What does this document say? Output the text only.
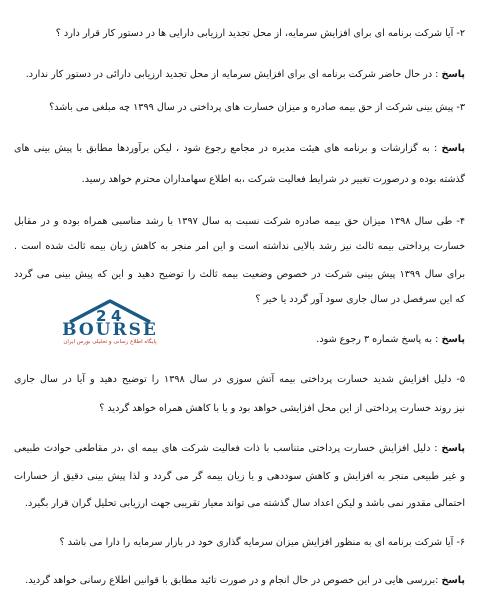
۲- آیا شرکت برنامه ای برای افزایش سرمایه، از محل تجدید ارزیابی دارایی ها در دستور کار قرار دارد ؟
پاسخ : در حال حاضر شرکت برنامه ای برای افزایش سرمایه از محل تجدید ارزیابی دارائی در دستور کار ندارد.
۳- پیش بینی شرکت از حق بیمه صادره و میزان خسارت های پرداختی در سال ۱۳۹۹ چه مبلغی می باشد؟
پاسخ : به گزارشات و برنامه های هیئت مدیره در مجامع رجوع شود ، لیکن برآوردها مطابق با پیش بینی های
گذشته بوده و درصورت تغییر در شرایط فعالیت شرکت ،به اطلاع سهامداران محترم خواهد رسید.
۴- طی سال ۱۳۹۸ میزان حق بیمه صادره شرکت نسبت به سال ۱۳۹۷ با رشد مناسبی همراه بوده و در مقابل
خسارت پرداختی بیمه ثالث نیز رشد بالایی نداشته است و این امر منجر به کاهش زیان بیمه ثالث شده است .
برای سال ۱۳۹۹ پیش بینی شرکت در خصوص وضعیت بیمه ثالث را توضیح دهید و این که پیش بینی می گردد
که این سرفصل در سال جاری سود آور گردد یا خیر ؟
پاسخ : به پاسخ شماره ۳ رجوع شود.
۵- دلیل افزایش شدید خسارت پرداختی بیمه آتش سوزی در سال ۱۳۹۸ را توضیح دهید و آیا در سال جاری
نیز روند خسارت پرداختی از این محل افزایشی خواهد بود و یا با کاهش همراه خواهد گردید ؟
پاسخ : دلیل افزایش خسارت پرداختی متناسب با ذات فعالیت شرکت های بیمه ای ،در مقاطعی حوادث طبیعی
و غیر طبیعی منجر به افزایش و کاهش سوددهی و یا زیان بیمه گر می گردد و لذا پیش بینی دقیق از خسارات
احتمالی مقدور نمی باشد و لیکن اعداد سال گذشته می تواند معیار تقریبی جهت ارزیابی تحلیل گران قرار بگیرد.
۶- آیا شرکت برنامه ای به منظور افزایش میزان سرمایه گذاری خود در بازار سرمایه را دارا می باشد ؟
پاسخ :بررسی هایی در این خصوص در حال انجام و در صورت تائید مطابق با قوانین اطلاع رسانی خواهد گردید.
2 4
BOURSE
پایگاه اطلاع رسانی و تحلیلی بورس ایران
